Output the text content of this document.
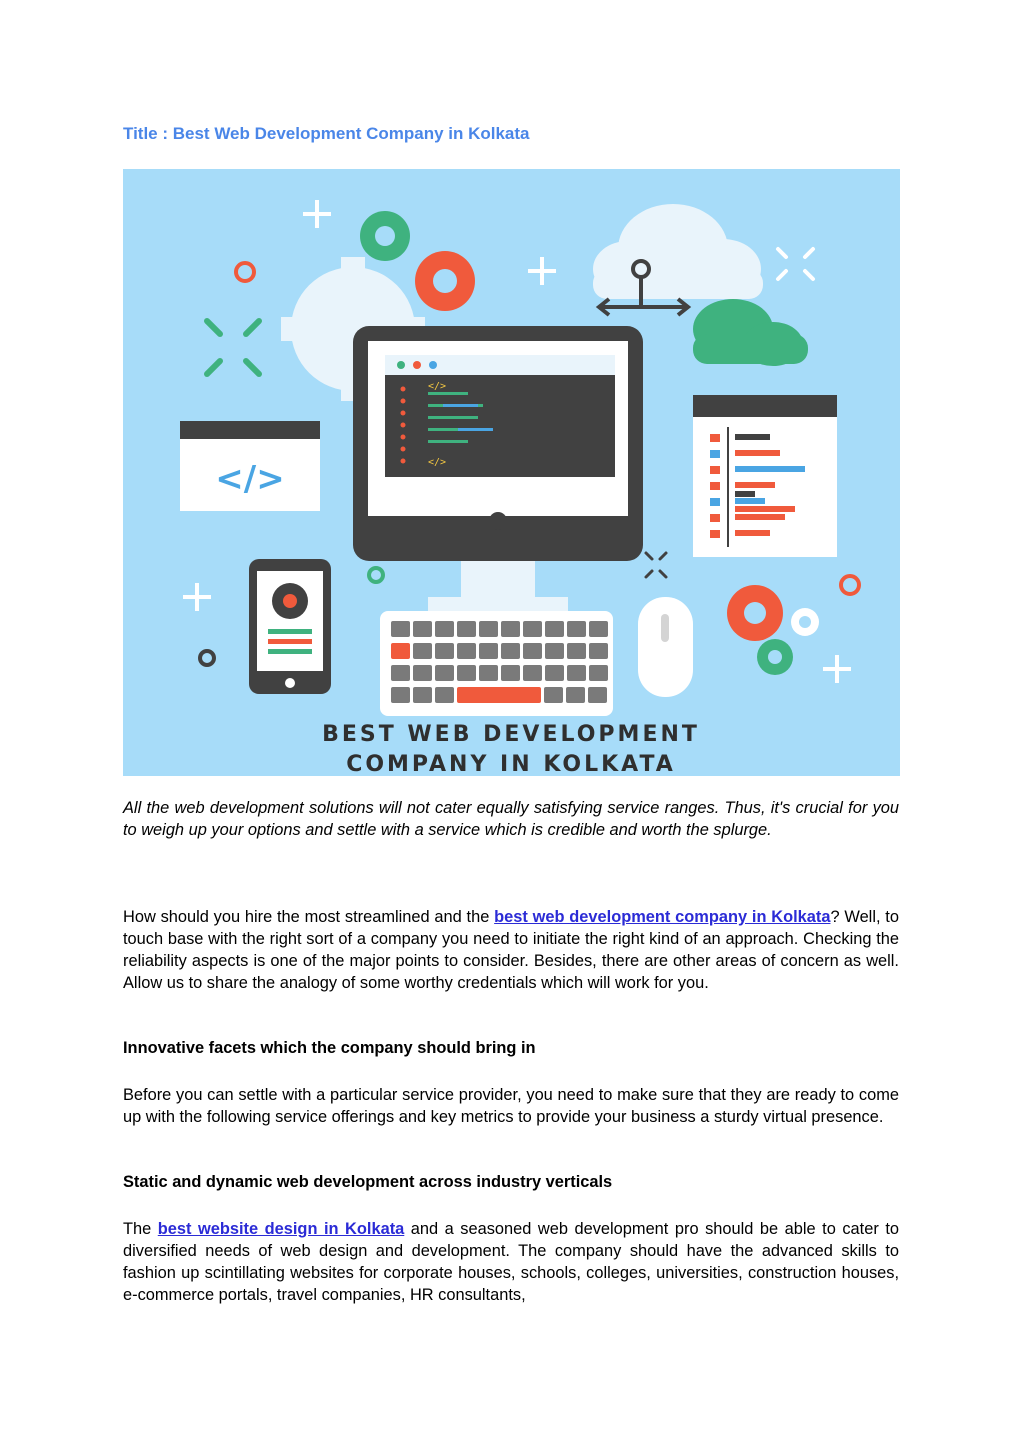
Title : Best Web Development Company in Kolkata
</>
</>
</>
BEST WEB DEVELOPMENT
COMPANY IN KOLKATA

All the web development solutions will not cater equally satisfying service ranges. Thus, it's crucial for you to weigh up your options and settle with a service which is credible and worth the splurge.

How should you hire the most streamlined and the best web development company in Kolkata? Well, to touch base with the right sort of a company you need to initiate the right kind of an approach. Checking the reliability aspects is one of the major points to consider. Besides, there are other areas of concern as well. Allow us to share the analogy of some worthy credentials which will work for you.

Innovative facets which the company should bring in

Before you can settle with a particular service provider, you need to make sure that they are ready to come up with the following service offerings and key metrics to provide your business a sturdy virtual presence.

Static and dynamic web development across industry verticals

The best website design in Kolkata and a seasoned web development pro should be able to cater to diversified needs of web design and development. The company should have the advanced skills to fashion up scintillating websites for corporate houses, schools, colleges, universities, construction houses, e-commerce portals, travel companies, HR consultants,
